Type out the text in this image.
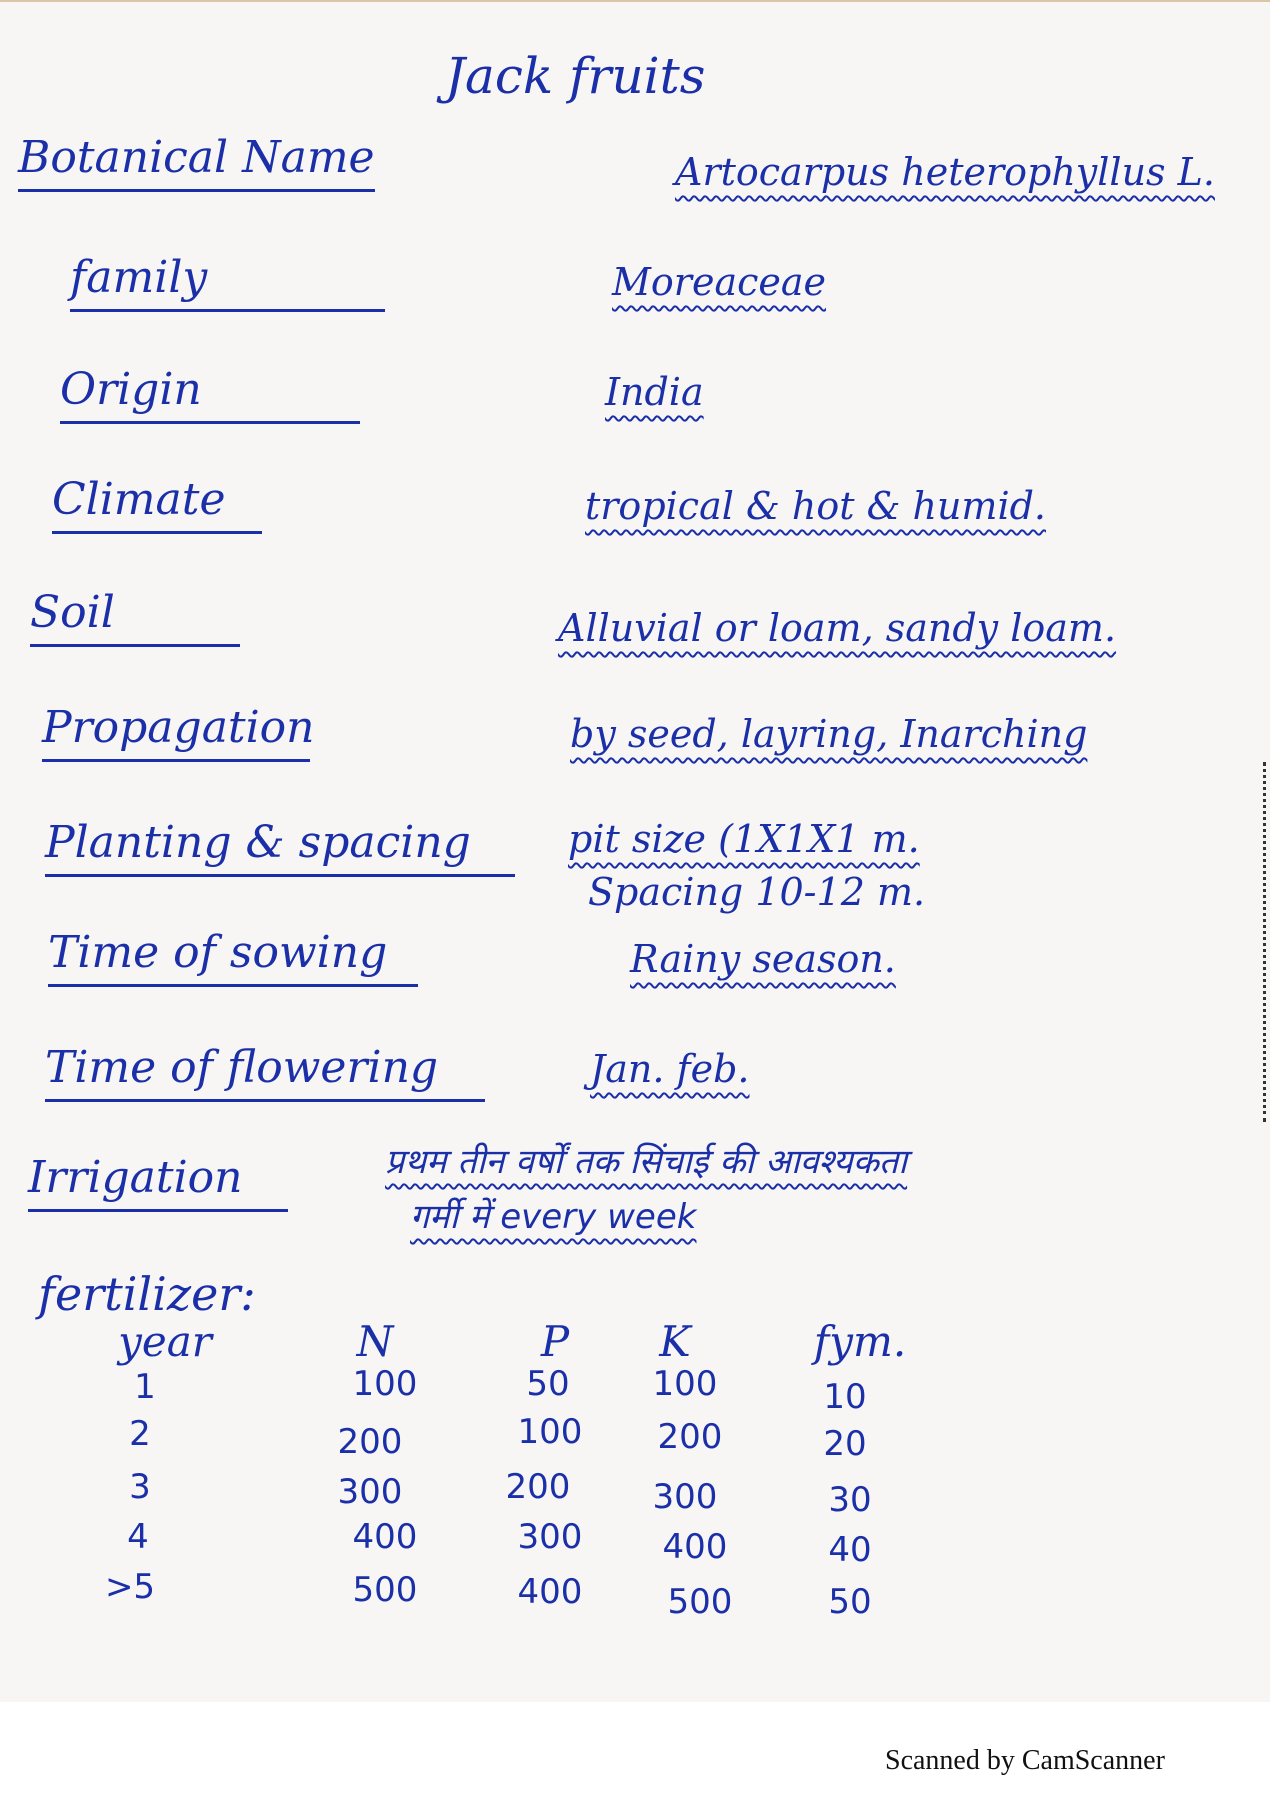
Jack fruits
Botanical Name	Artocarpus heterophyllus L.
family	Moreaceae
Origin	India
Climate	tropical & hot & humid.
Soil	Alluvial or loam, sandy loam.
Propagation	by seed, layring, Inarching
Planting & spacing	pit size (1X1X1 m.
Spacing 10-12 m.
Time of sowing	Rainy season.
Time of flowering	Jan. feb.
Irrigation	प्रथम तीन वर्षों तक सिंचाई की आवश्यकता
गर्मी में every week
fertilizer:
year	N	P	K	fym.
1	100	50	100	10
2	200	100	200	20
3	300	200	300	30
4	400	300	400	40
>5	500	400	500	50
Scanned by CamScanner
